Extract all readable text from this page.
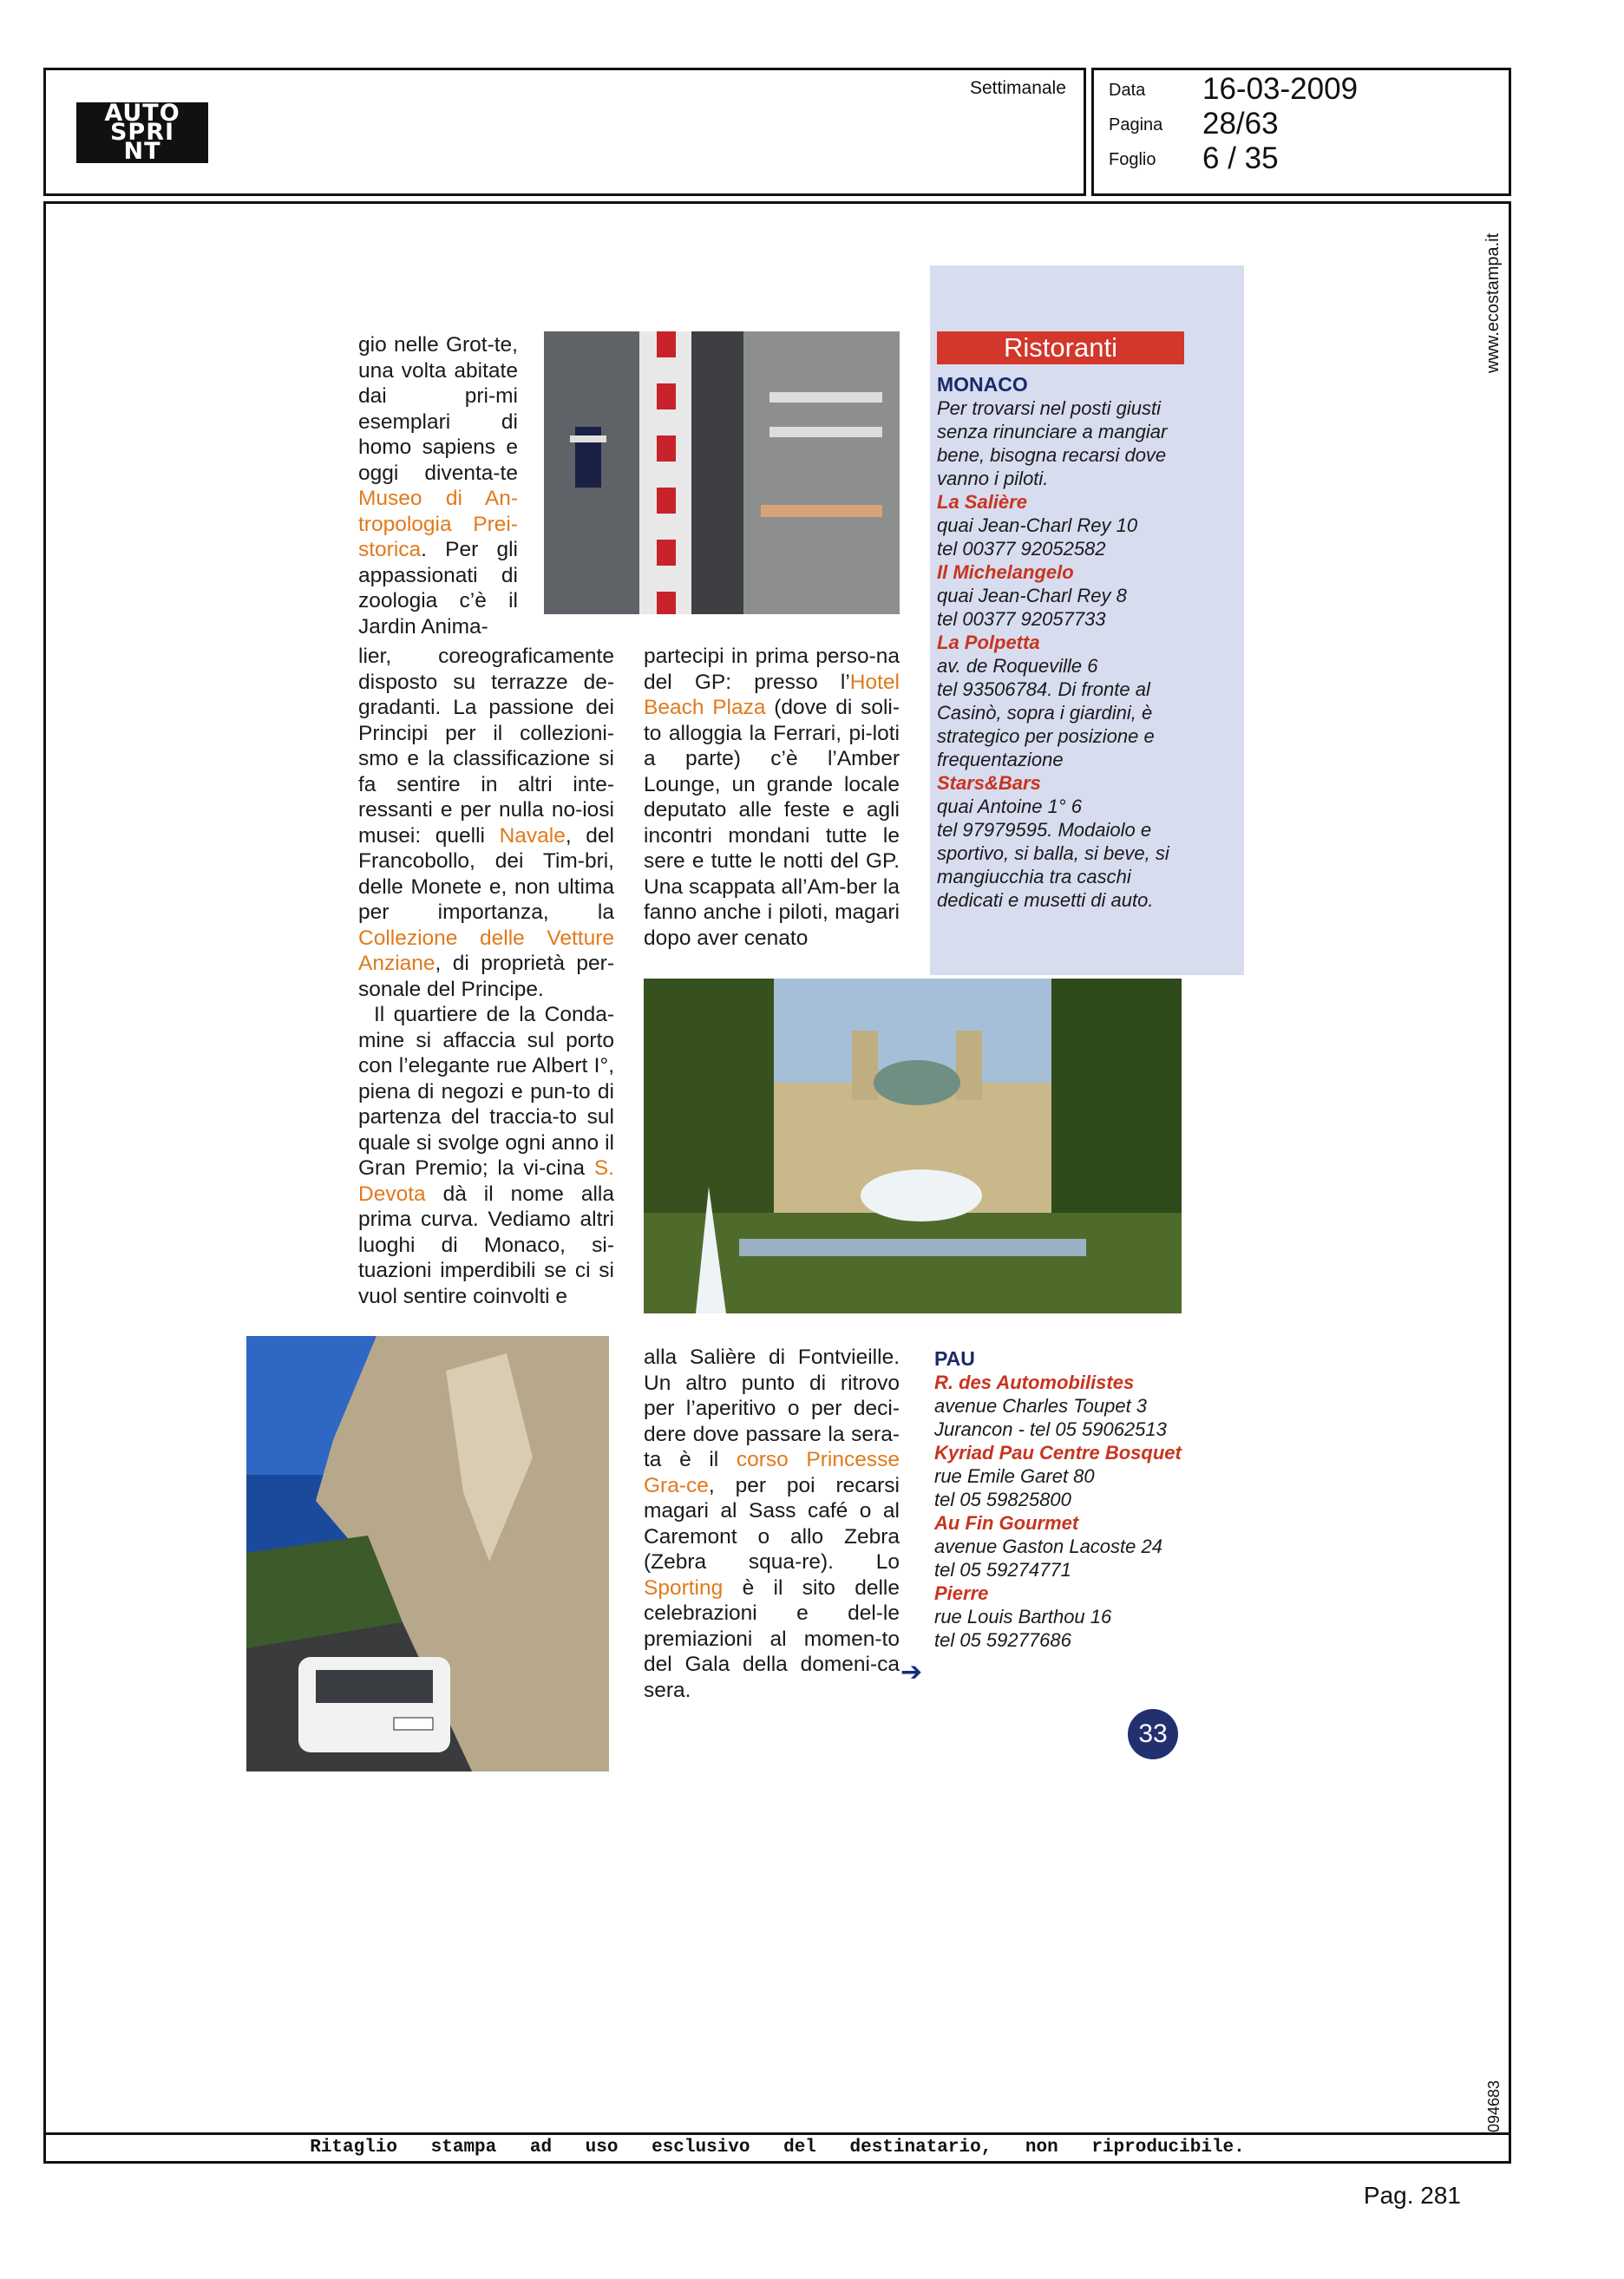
AUTO
SPRI
NT
Settimanale Data 16-03-2009
Pagina 28/63
Foglio 6 / 35
www.ecostampa.it
094683

gio nelle Grot-te, una volta abitate dai pri-mi esemplari di homo sapiens e oggi diventa-te Museo di An-tropologia Prei-storica. Per gli appassionati di zoologia c’è il Jardin Anima-

lier, coreograficamente disposto su terrazze de-gradanti. La passione dei Principi per il collezioni-smo e la classificazione si fa sentire in altri inte-ressanti e per nulla no-iosi musei: quelli Navale, del Francobollo, dei Tim-bri, delle Monete e, non ultima per importanza, la Collezione delle Vetture Anziane, di proprietà per-sonale del Principe.

Il quartiere de la Conda-mine si affaccia sul porto con l’elegante rue Albert I°, piena di negozi e pun-to di partenza del traccia-to sul quale si svolge ogni anno il Gran Premio; la vi-cina S. Devota dà il nome alla prima curva. Vediamo altri luoghi di Monaco, si-tuazioni imperdibili se ci si vuol sentire coinvolti e

partecipi in prima perso-na del GP: presso l’Hotel Beach Plaza (dove di soli-to alloggia la Ferrari, pi-loti a parte) c’è l’Amber Lounge, un grande locale deputato alle feste e agli incontri mondani tutte le sere e tutte le notti del GP. Una scappata all’Am-ber la fanno anche i piloti, magari dopo aver cenato

alla Salière di Fontvieille. Un altro punto di ritrovo per l’aperitivo o per deci-dere dove passare la sera-ta è il corso Princesse Gra-ce, per poi recarsi magari al Sass café o al Caremont o allo Zebra (Zebra squa-re). Lo Sporting è il sito delle celebrazioni e del-le premiazioni al momen-to del Gala della domeni-ca sera.

Ristoranti
MONACO
Per trovarsi nel posti giusti senza rinunciare a mangiar bene, bisogna recarsi dove vanno i piloti.
La Salière
quai Jean-Charl Rey 10
tel 00377 92052582
Il Michelangelo
quai Jean-Charl Rey 8
tel 00377 92057733
La Polpetta
av. de Roqueville 6
tel 93506784. Di fronte al Casinò, sopra i giardini, è strategico per posizione e frequentazione
Stars&Bars
quai Antoine 1° 6
tel 97979595. Modaiolo e sportivo, si balla, si beve, si mangiucchia tra caschi dedicati e musetti di auto.
PAU
R. des Automobilistes
avenue Charles Toupet 3
Jurancon - tel 05 59062513
Kyriad Pau Centre Bosquet
rue Emile Garet 80
tel 05 59825800
Au Fin Gourmet
avenue Gaston Lacoste 24
tel 05 59274771
Pierre
rue Louis Barthou 16
tel 05 59277686
➔
33
Ritaglio stampa ad uso esclusivo del destinatario, non riproducibile.
Pag. 281
